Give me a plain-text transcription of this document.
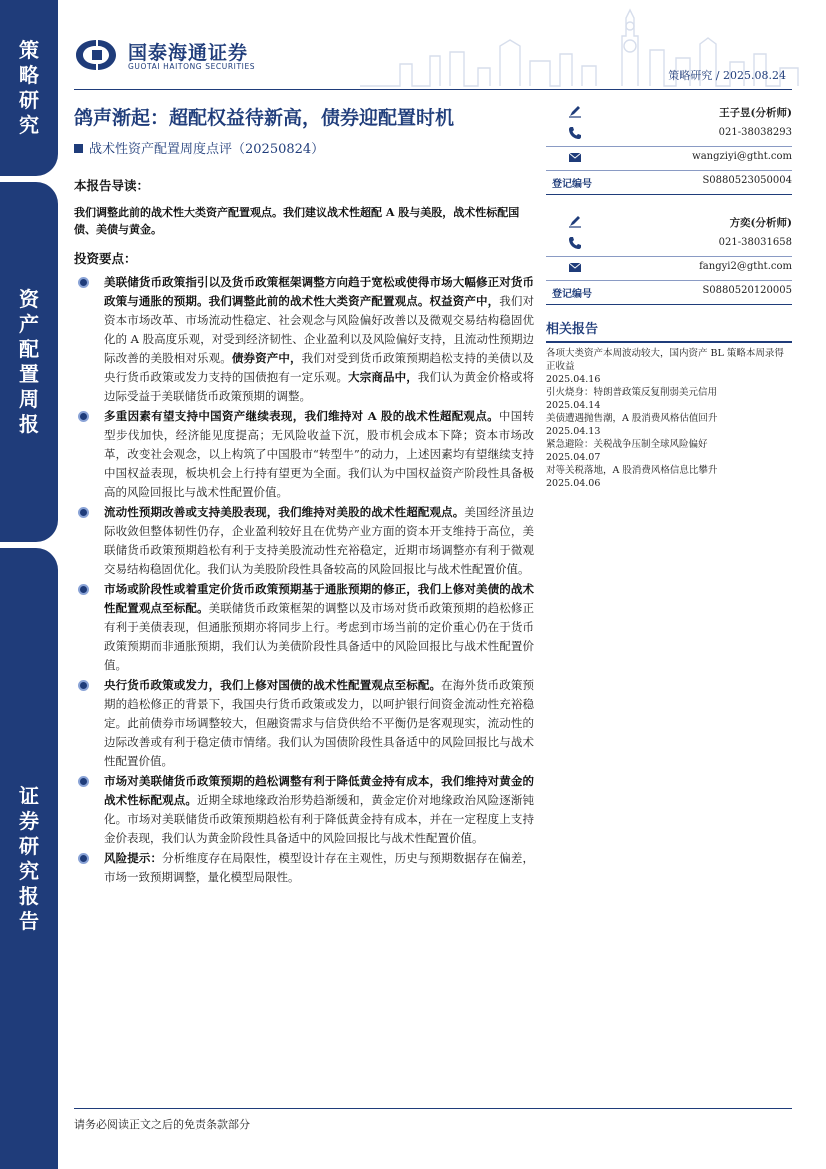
策
略
研
究
资
产
配
置
周
报
证
券
研
究
报
告
国泰海通证券
GUOTAI HAITONG SECURITIES
策略研究 / 2025.08.24
鸽声渐起：超配权益待新高，债券迎配置时机
战术性资产配置周度点评（20250824）
王子昱(分析师)
021-38038293
wangziyi@gtht.com
登记编号	S0880523050004
方奕(分析师)
021-38031658
fangyi2@gtht.com
登记编号	S0880520120005
相关报告
各项大类资产本周波动较大，国内资产 BL 策略本周录得正收益
2025.04.16
引火烧身：特朗普政策反复削弱美元信用
2025.04.14
美债遭遇抛售潮，A 股消费风格估值回升
2025.04.13
紧急避险：关税战争压制全球风险偏好
2025.04.07
对等关税落地，A 股消费风格信息比攀升
2025.04.06
本报告导读：
我们调整此前的战术性大类资产配置观点。我们建议战术性超配 A 股与美股，战术性标配国债、美债与黄金。
投资要点：
美联储货币政策指引以及货币政策框架调整方向趋于宽松或使得市场大幅修正对货币政策与通胀的预期。我们调整此前的战术性大类资产配置观点。权益资产中，我们对资本市场改革、市场流动性稳定、社会观念与风险偏好改善以及微观交易结构稳固优化的 A 股高度乐观，对受到经济韧性、企业盈利以及风险偏好支持，且流动性预期边际改善的美股相对乐观。债券资产中，我们对受到货币政策预期趋松支持的美债以及央行货币政策或发力支持的国债抱有一定乐观。大宗商品中，我们认为黄金价格或将边际受益于美联储货币政策预期的调整。
多重因素有望支持中国资产继续表现，我们维持对 A 股的战术性超配观点。中国转型步伐加快，经济能见度提高；无风险收益下沉，股市机会成本下降；资本市场改革，改变社会观念，以上构筑了中国股市“转型牛”的动力，上述因素均有望继续支持中国权益表现，板块机会上行持有望更为全面。我们认为中国权益资产阶段性具备极高的风险回报比与战术性配置价值。
流动性预期改善或支持美股表现，我们维持对美股的战术性超配观点。美国经济虽边际收敛但整体韧性仍存，企业盈利较好且在优势产业方面的资本开支维持于高位，美联储货币政策预期趋松有利于支持美股流动性充裕稳定，近期市场调整亦有利于微观交易结构稳固优化。我们认为美股阶段性具备较高的风险回报比与战术性配置价值。
市场或阶段性或着重定价货币政策预期基于通胀预期的修正，我们上修对美债的战术性配置观点至标配。美联储货币政策框架的调整以及市场对货币政策预期的趋松修正有利于美债表现，但通胀预期亦将同步上行。考虑到市场当前的定价重心仍在于货币政策预期而非通胀预期，我们认为美债阶段性具备适中的风险回报比与战术性配置价值。
央行货币政策或发力，我们上修对国债的战术性配置观点至标配。在海外货币政策预期的趋松修正的背景下，我国央行货币政策或发力，以呵护银行间资金流动性充裕稳定。此前债券市场调整较大，但融资需求与信贷供给不平衡仍是客观现实，流动性的边际改善或有利于稳定债市情绪。我们认为国债阶段性具备适中的风险回报比与战术性配置价值。
市场对美联储货币政策预期的趋松调整有利于降低黄金持有成本，我们维持对黄金的战术性标配观点。近期全球地缘政治形势趋渐缓和，黄金定价对地缘政治风险逐渐钝化。市场对美联储货币政策预期趋松有利于降低黄金持有成本，并在一定程度上支持金价表现，我们认为黄金阶段性具备适中的风险回报比与战术性配置价值。
风险提示：分析维度存在局限性，模型设计存在主观性，历史与预期数据存在偏差，市场一致预期调整，量化模型局限性。
请务必阅读正文之后的免责条款部分
